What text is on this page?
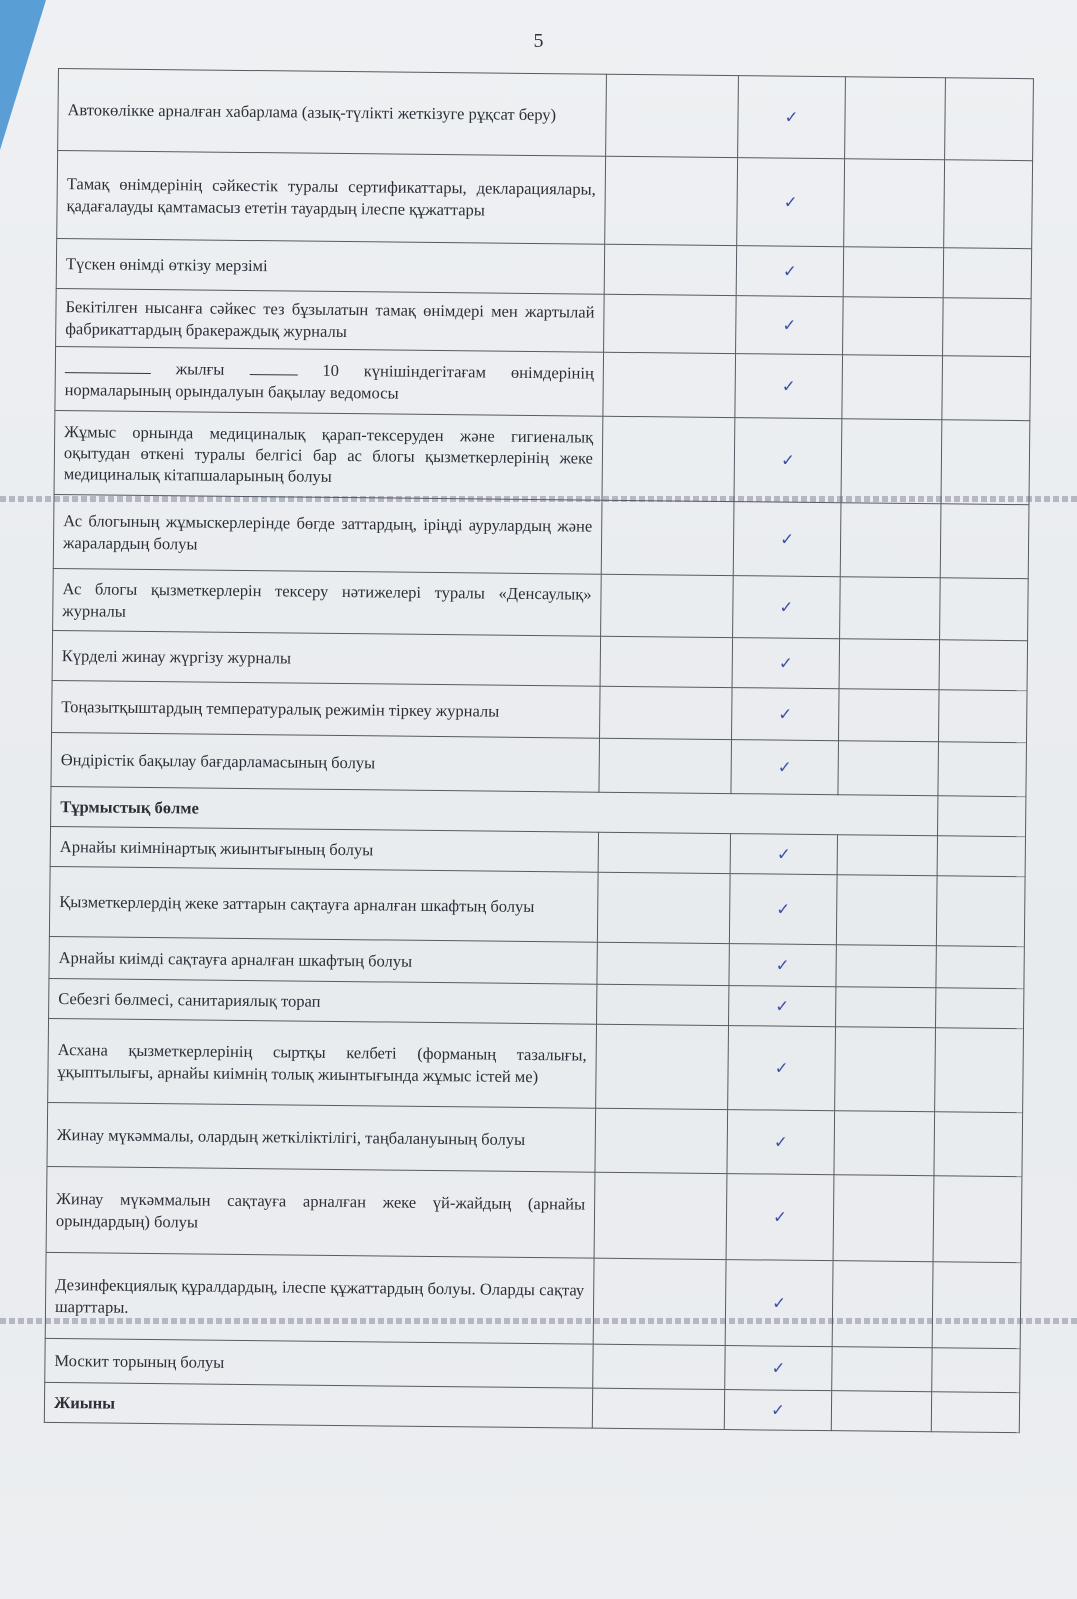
5
Автокөлікке арналған хабарлама (азық-түлікті жеткізуге рұқсат беру)		✓		
Тамақ өнімдерінің сәйкестік туралы сертификаттары, декларациялары, қадағалауды қамтамасыз ететін тауардың ілеспе құжаттары		✓		
Түскен өнімді өткізу мерзімі		✓		
Бекітілген нысанға сәйкес тез бұзылатын тамақ өнімдері мен жартылай фабрикаттардың бракераждық журналы		✓		
жылғы 10 күнішіндегітағам өнімдерінің нормаларының орындалуын бақылау ведомосы		✓		
Жұмыс орнында медициналық қарап-тексеруден және гигиеналық оқытудан өткені туралы белгісі бар ас блогы қызметкерлерінің жеке медициналық кітапшаларының болуы		✓		
Ас блогының жұмыскерлерінде бөгде заттардың, іріңді аурулардың және жаралардың болуы		✓		
Ас блогы қызметкерлерін тексеру нәтижелері туралы «Денсаулық» журналы		✓		
Күрделі жинау жүргізу журналы		✓		
Тоңазытқыштардың температуралық режимін тіркеу журналы		✓		
Өндірістік бақылау бағдарламасының болуы		✓		
Тұрмыстық бөлме				
Арнайы киімнінартық жиынтығының болуы		✓		
Қызметкерлердің жеке заттарын сақтауға арналған шкафтың болуы		✓		
Арнайы киімді сақтауға арналған шкафтың болуы		✓		
Себезгі бөлмесі, санитариялық торап		✓		
Асхана қызметкерлерінің сыртқы келбеті (форманың тазалығы, ұқыптылығы, арнайы киімнің толық жиынтығында жұмыс істей ме)		✓		
Жинау мүкәммалы, олардың жеткіліктілігі, таңбалануының болуы		✓		
Жинау мүкәммалын сақтауға арналған жеке үй-жайдың (арнайы орындардың) болуы		✓		
Дезинфекциялық құралдардың, ілеспе құжаттардың болуы. Оларды сақтау шарттары.		✓		
Москит торының болуы		✓		
Жиыны		✓		
